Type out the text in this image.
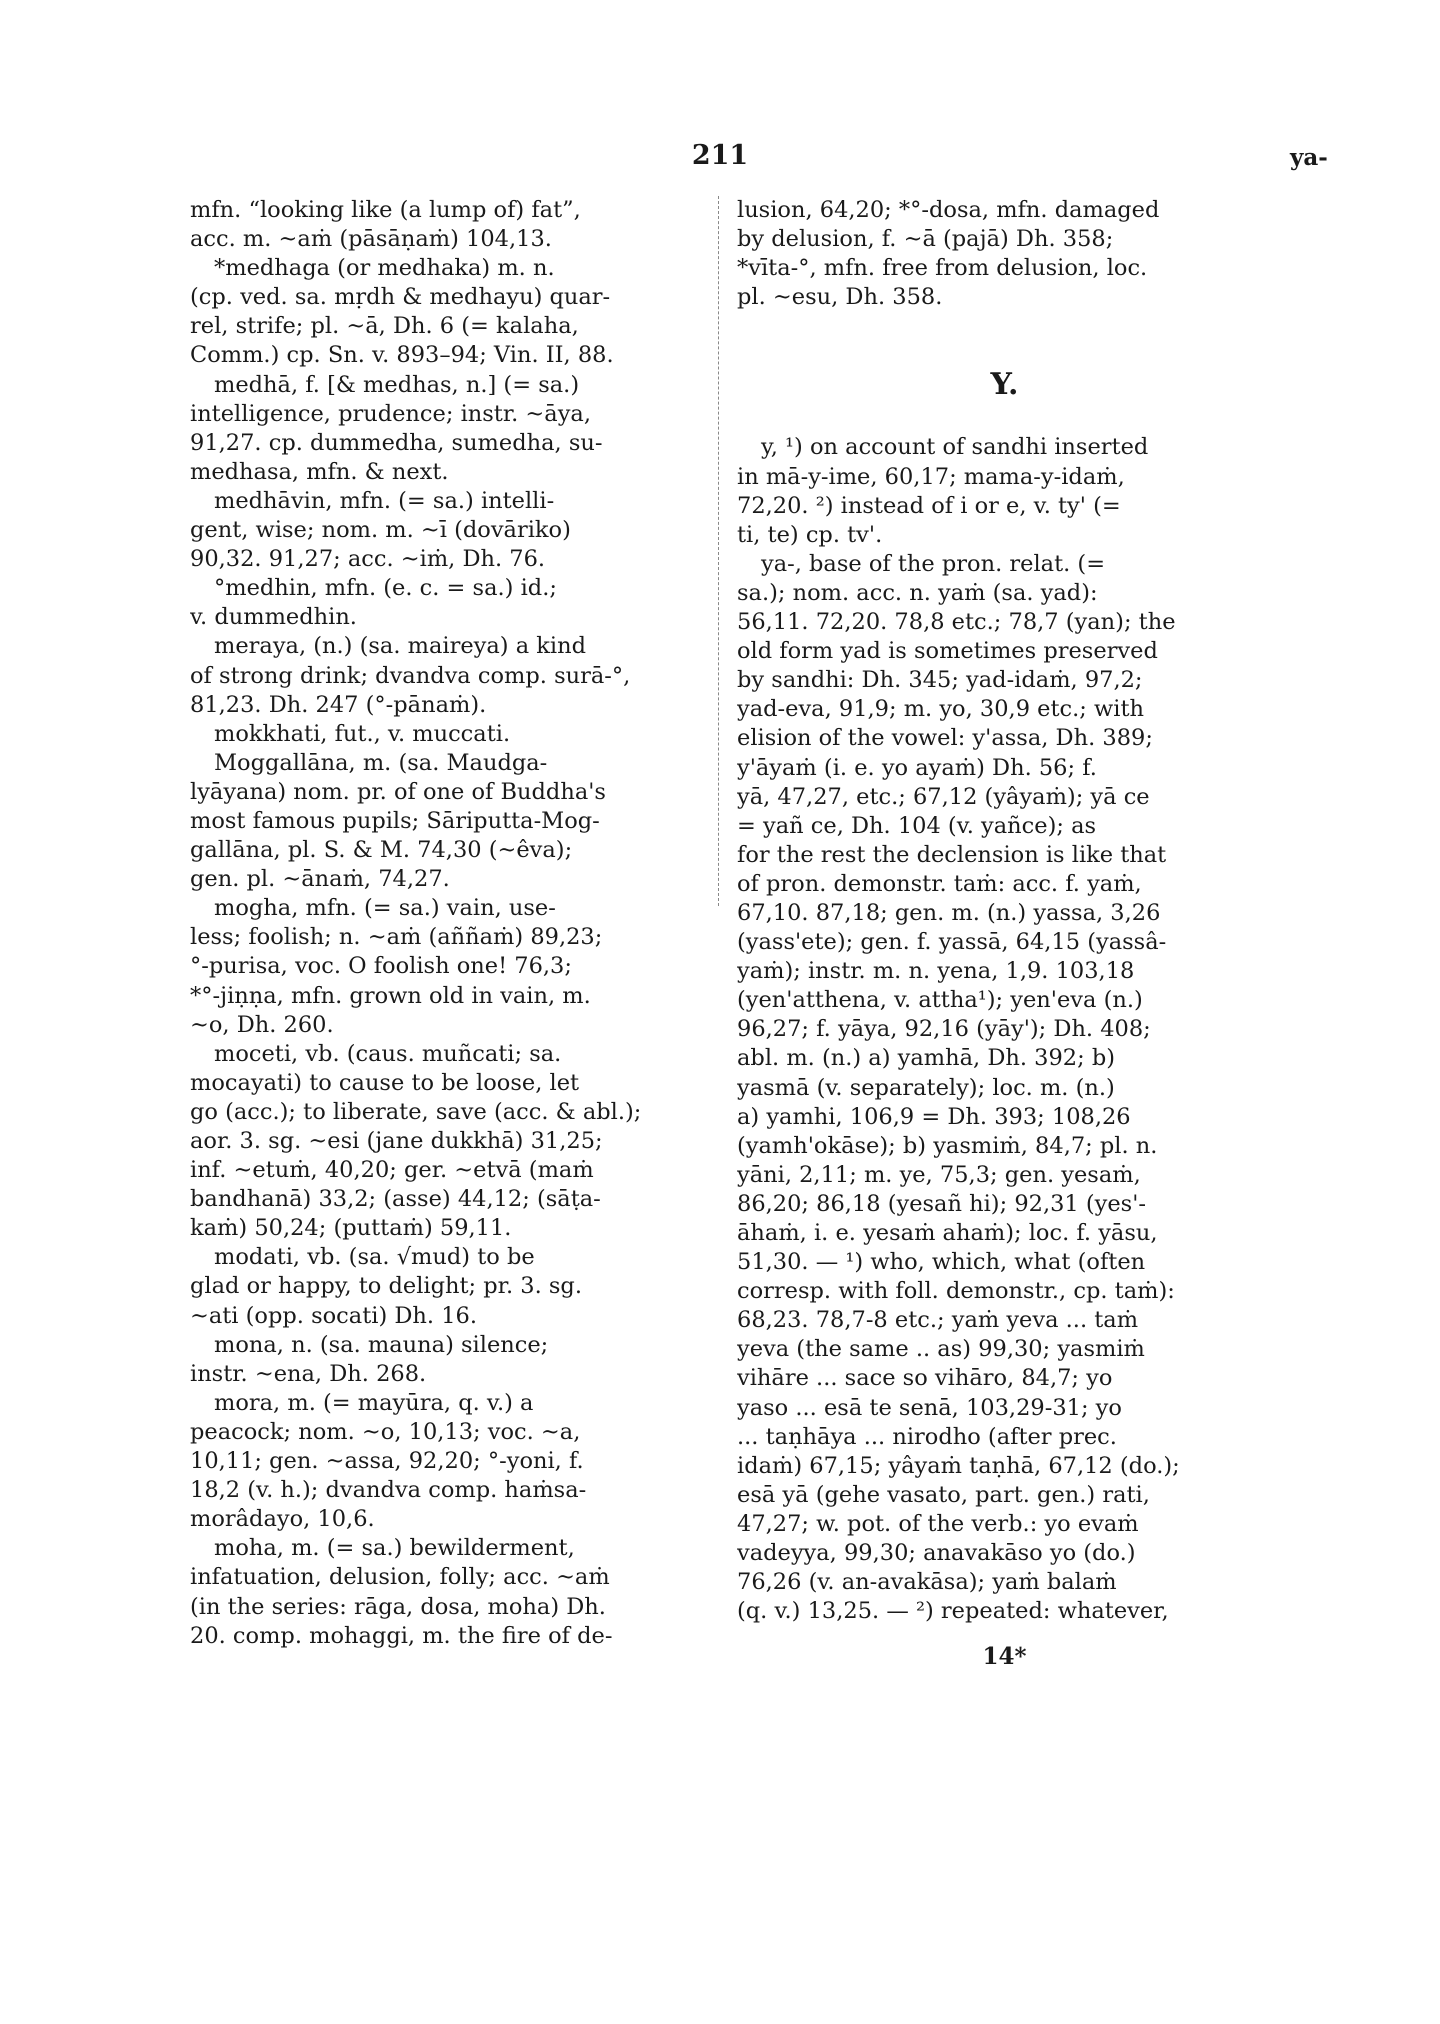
211	ya-
mfn. “looking like (a lump of) fat”,
acc. m. ~aṁ (pāsāṇaṁ) 104,13.
*medhaga (or medhaka) m. n.
(cp. ved. sa. mṛdh & medhayu) quar-
rel, strife; pl. ~ā, Dh. 6 (= kalaha,
Comm.) cp. Sn. v. 893–94; Vin. II, 88.
medhā, f. [& medhas, n.] (= sa.)
intelligence, prudence; instr. ~āya,
91,27. cp. dummedha, sumedha, su-
medhasa, mfn. & next.
medhāvin, mfn. (= sa.) intelli-
gent, wise; nom. m. ~ī (dovāriko)
90,32. 91,27; acc. ~iṁ, Dh. 76.
°medhin, mfn. (e. c. = sa.) id.;
v. dummedhin.
meraya, (n.) (sa. maireya) a kind
of strong drink; dvandva comp. surā-°,
81,23. Dh. 247 (°-pānaṁ).
mokkhati, fut., v. muccati.
Moggallāna, m. (sa. Maudga-
lyāyana) nom. pr. of one of Buddha's
most famous pupils; Sāriputta-Mog-
gallāna, pl. S. & M. 74,30 (~êva);
gen. pl. ~ānaṁ, 74,27.
mogha, mfn. (= sa.) vain, use-
less; foolish; n. ~aṁ (aññaṁ) 89,23;
°-purisa, voc. O foolish one! 76,3;
*°-jiṇṇa, mfn. grown old in vain, m.
~o, Dh. 260.
moceti, vb. (caus. muñcati; sa.
mocayati) to cause to be loose, let
go (acc.); to liberate, save (acc. & abl.);
aor. 3. sg. ~esi (jane dukkhā) 31,25;
inf. ~etuṁ, 40,20; ger. ~etvā (maṁ
bandhanā) 33,2; (asse) 44,12; (sāṭa-
kaṁ) 50,24; (puttaṁ) 59,11.
modati, vb. (sa. √mud) to be
glad or happy, to delight; pr. 3. sg.
~ati (opp. socati) Dh. 16.
mona, n. (sa. mauna) silence;
instr. ~ena, Dh. 268.
mora, m. (= mayūra, q. v.) a
peacock; nom. ~o, 10,13; voc. ~a,
10,11; gen. ~assa, 92,20; °-yoni, f.
18,2 (v. h.); dvandva comp. haṁsa-
morâdayo, 10,6.
moha, m. (= sa.) bewilderment,
infatuation, delusion, folly; acc. ~aṁ
(in the series: rāga, dosa, moha) Dh.
20. comp. mohaggi, m. the fire of de-
lusion, 64,20; *°-dosa, mfn. damaged
by delusion, f. ~ā (pajā) Dh. 358;
*vīta-°, mfn. free from delusion, loc.
pl. ~esu, Dh. 358.
Y.
y, ¹) on account of sandhi inserted
in mā-y-ime, 60,17; mama-y-idaṁ,
72,20. ²) instead of i or e, v. ty' (=
ti, te) cp. tv'.
ya-, base of the pron. relat. (=
sa.); nom. acc. n. yaṁ (sa. yad):
56,11. 72,20. 78,8 etc.; 78,7 (yan); the
old form yad is sometimes preserved
by sandhi: Dh. 345; yad-idaṁ, 97,2;
yad-eva, 91,9; m. yo, 30,9 etc.; with
elision of the vowel: y'assa, Dh. 389;
y'āyaṁ (i. e. yo ayaṁ) Dh. 56; f.
yā, 47,27, etc.; 67,12 (yâyaṁ); yā ce
= yañ ce, Dh. 104 (v. yañce); as
for the rest the declension is like that
of pron. demonstr. taṁ: acc. f. yaṁ,
67,10. 87,18; gen. m. (n.) yassa, 3,26
(yass'ete); gen. f. yassā, 64,15 (yassâ-
yaṁ); instr. m. n. yena, 1,9. 103,18
(yen'atthena, v. attha¹); yen'eva (n.)
96,27; f. yāya, 92,16 (yāy'); Dh. 408;
abl. m. (n.) a) yamhā, Dh. 392; b)
yasmā (v. separately); loc. m. (n.)
a) yamhi, 106,9 = Dh. 393; 108,26
(yamh'okāse); b) yasmiṁ, 84,7; pl. n.
yāni, 2,11; m. ye, 75,3; gen. yesaṁ,
86,20; 86,18 (yesañ hi); 92,31 (yes'-
āhaṁ, i. e. yesaṁ ahaṁ); loc. f. yāsu,
51,30. — ¹) who, which, what (often
corresp. with foll. demonstr., cp. taṁ):
68,23. 78,7-8 etc.; yaṁ yeva ... taṁ
yeva (the same .. as) 99,30; yasmiṁ
vihāre ... sace so vihāro, 84,7; yo
yaso ... esā te senā, 103,29-31; yo
... taṇhāya ... nirodho (after prec.
idaṁ) 67,15; yâyaṁ taṇhā, 67,12 (do.);
esā yā (gehe vasato, part. gen.) rati,
47,27; w. pot. of the verb.: yo evaṁ
vadeyya, 99,30; anavakāso yo (do.)
76,26 (v. an-avakāsa); yaṁ balaṁ
(q. v.) 13,25. — ²) repeated: whatever,
14*
